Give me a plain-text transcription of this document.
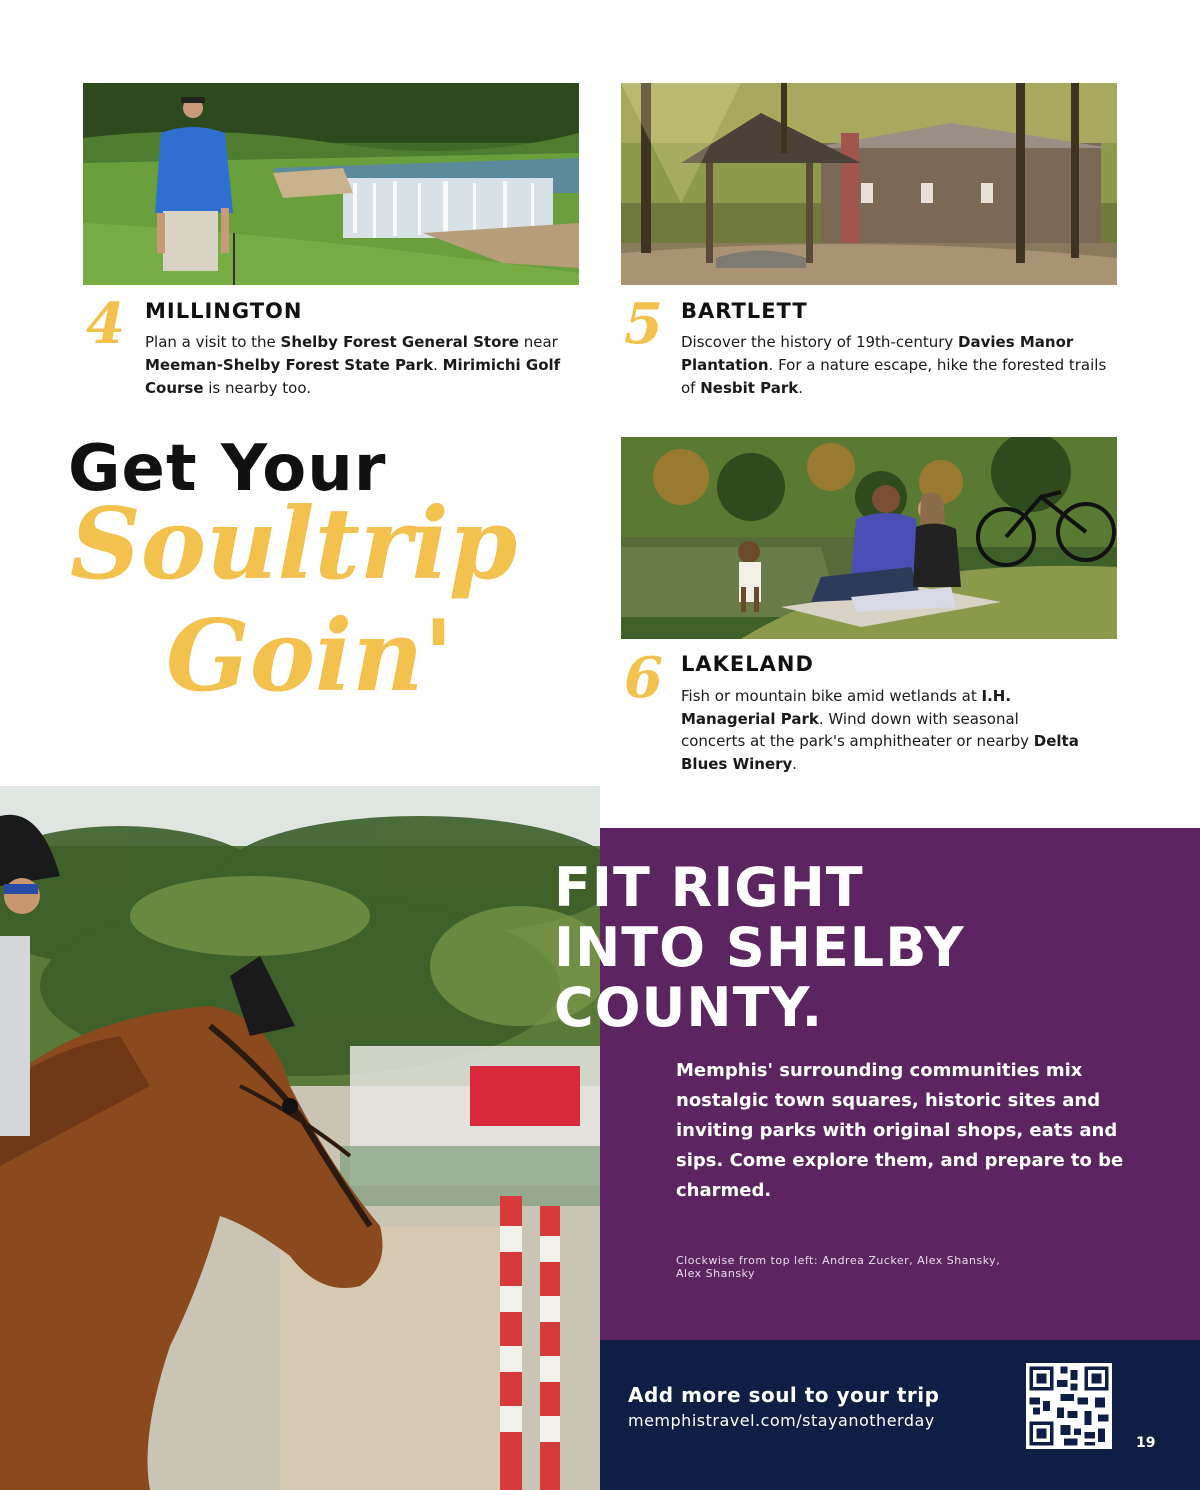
4 MILLINGTON

Plan a visit to the Shelby Forest General Store near Meeman-Shelby Forest State Park. Mirimichi Golf Course is nearby too.

5 BARTLETT

Discover the history of 19th-century Davies Manor Plantation. For a nature escape, hike the forested trails of Nesbit Park.

Get Your
Soultrip
Goin'	6 LAKELAND

Fish or mountain bike amid wetlands at I.H. Managerial Park. Wind down with seasonal concerts at the park's amphitheater or nearby Delta Blues Winery.

FIT RIGHT
INTO SHELBY
COUNTY.

Memphis' surrounding communities mix nostalgic town squares, historic sites and inviting parks with original shops, eats and sips. Come explore them, and prepare to be charmed.

Clockwise from top left: Andrea Zucker, Alex Shansky, Alex Shansky

Add more soul to your trip
memphistravel.com/stayanotherday
19
